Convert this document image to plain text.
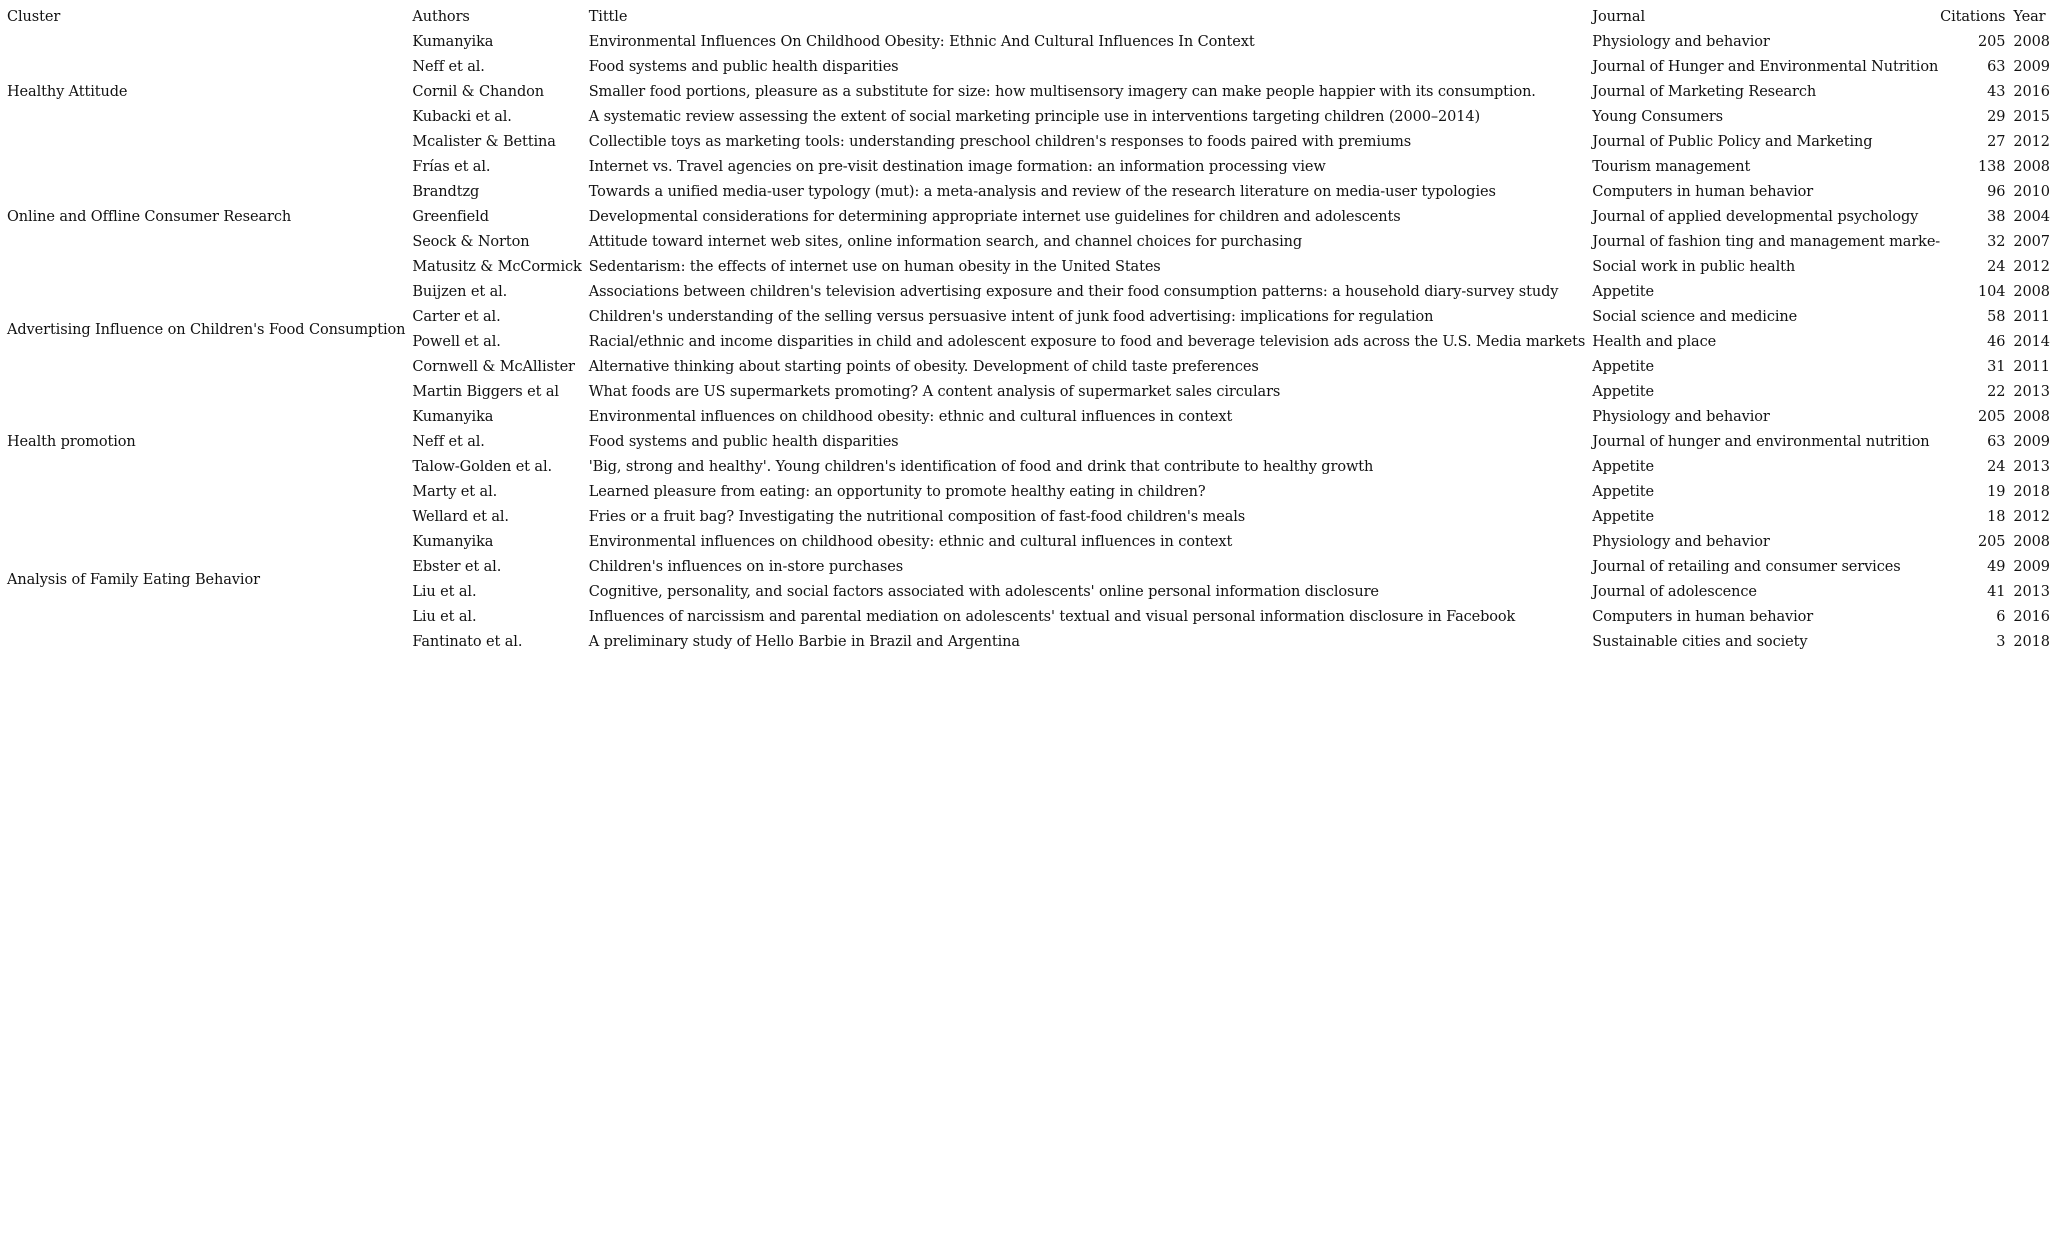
Cluster	Authors	Tittle	Journal	Citations	Year
Healthy Attitude	Kumanyika	Environmental Influences On Childhood Obesity: Ethnic And Cultural Influences In Context	Physiology and behavior	205	2008
	Neff et al.	Food systems and public health disparities	Journal of Hunger and Environmental Nutrition	63	2009
	Cornil & Chandon	Smaller food portions, pleasure as a substitute for size: how multisensory imagery can make people happier with its consumption.	Journal of Marketing Research	43	2016
	Kubacki et al.	A systematic review assessing the extent of social marketing principle use in interventions targeting children (2000–2014)	Young Consumers	29	2015
	Mcalister & Bettina	Collectible toys as marketing tools: understanding preschool children's responses to foods paired with premiums	Journal of Public Policy and Marketing	27	2012
Online and Offline Consumer Research	Frías et al.	Internet vs. Travel agencies on pre-visit destination image formation: an information processing view	Tourism management	138	2008
	Brandtzg	Towards a unified media-user typology (mut): a meta-analysis and review of the research literature on media-user typologies	Computers in human behavior	96	2010
	Greenfield	Developmental considerations for determining appropriate internet use guidelines for children and adolescents	Journal of applied developmental psychology	38	2004
	Seock & Norton	Attitude toward internet web sites, online information search, and channel choices for purchasing	Journal of fashion ting and management marke-	32	2007
	Matusitz & McCormick	Sedentarism: the effects of internet use on human obesity in the United States	Social work in public health	24	2012
Advertising Influence on Children's Food Consumption	Buijzen et al.	Associations between children's television advertising exposure and their food consumption patterns: a household diary-survey study	Appetite	104	2008
	Carter et al.	Children's understanding of the selling versus persuasive intent of junk food advertising: implications for regulation	Social science and medicine	58	2011
	Powell et al.	Racial/ethnic and income disparities in child and adolescent exposure to food and beverage television ads across the U.S. Media markets	Health and place	46	2014
	Cornwell & McAllister	Alternative thinking about starting points of obesity. Development of child taste preferences	Appetite	31	2011
Health promotion	Martin Biggers et al	What foods are US supermarkets promoting? A content analysis of supermarket sales circulars	Appetite	22	2013
	Kumanyika	Environmental influences on childhood obesity: ethnic and cultural influences in context	Physiology and behavior	205	2008
	Neff et al.	Food systems and public health disparities	Journal of hunger and environmental nutrition	63	2009
	Talow-Golden et al.	'Big, strong and healthy'. Young children's identification of food and drink that contribute to healthy growth	Appetite	24	2013
	Marty et al.	Learned pleasure from eating: an opportunity to promote healthy eating in children?	Appetite	19	2018
Analysis of Family Eating Behavior	Wellard et al.	Fries or a fruit bag? Investigating the nutritional composition of fast-food children's meals	Appetite	18	2012
	Kumanyika	Environmental influences on childhood obesity: ethnic and cultural influences in context	Physiology and behavior	205	2008
	Ebster et al.	Children's influences on in-store purchases	Journal of retailing and consumer services	49	2009
	Liu et al.	Cognitive, personality, and social factors associated with adolescents' online personal information disclosure	Journal of adolescence	41	2013
	Liu et al.	Influences of narcissism and parental mediation on adolescents' textual and visual personal information disclosure in Facebook	Computers in human behavior	6	2016
	Fantinato et al.	A preliminary study of Hello Barbie in Brazil and Argentina	Sustainable cities and society	3	2018
